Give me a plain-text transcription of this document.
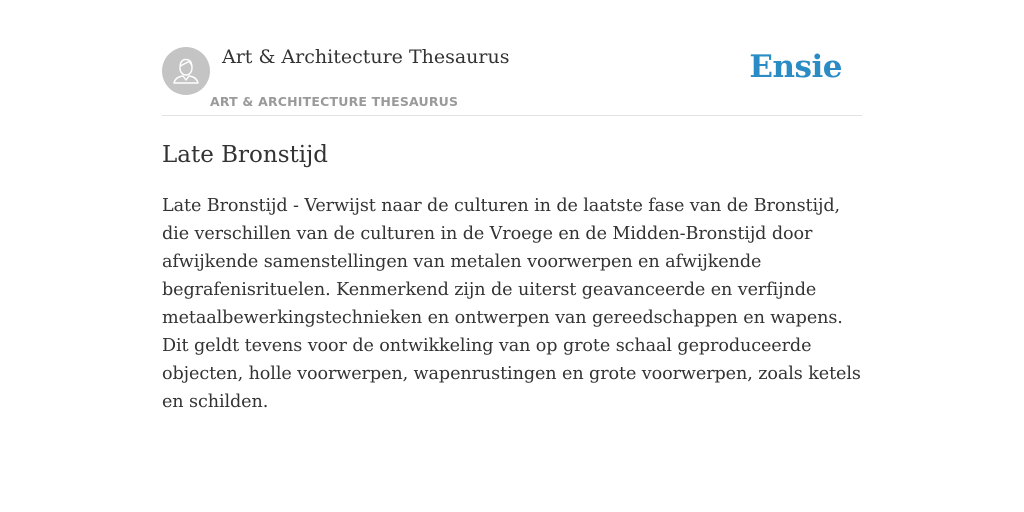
Art & Architecture Thesaurus
ART & ARCHITECTURE THESAURUS
Ensie
Late Bronstijd

Late Bronstijd - Verwijst naar de culturen in de laatste fase van de Bronstijd, die verschillen van de culturen in de Vroege en de Midden-Bronstijd door afwijkende samenstellingen van metalen voorwerpen en afwijkende begrafenisrituelen. Kenmerkend zijn de uiterst geavanceerde en verfijnde metaalbewerkingstechnieken en ontwerpen van gereedschappen en wapens. Dit geldt tevens voor de ontwikkeling van op grote schaal geproduceerde objecten, holle voorwerpen, wapenrustingen en grote voorwerpen, zoals ketels en schilden.
